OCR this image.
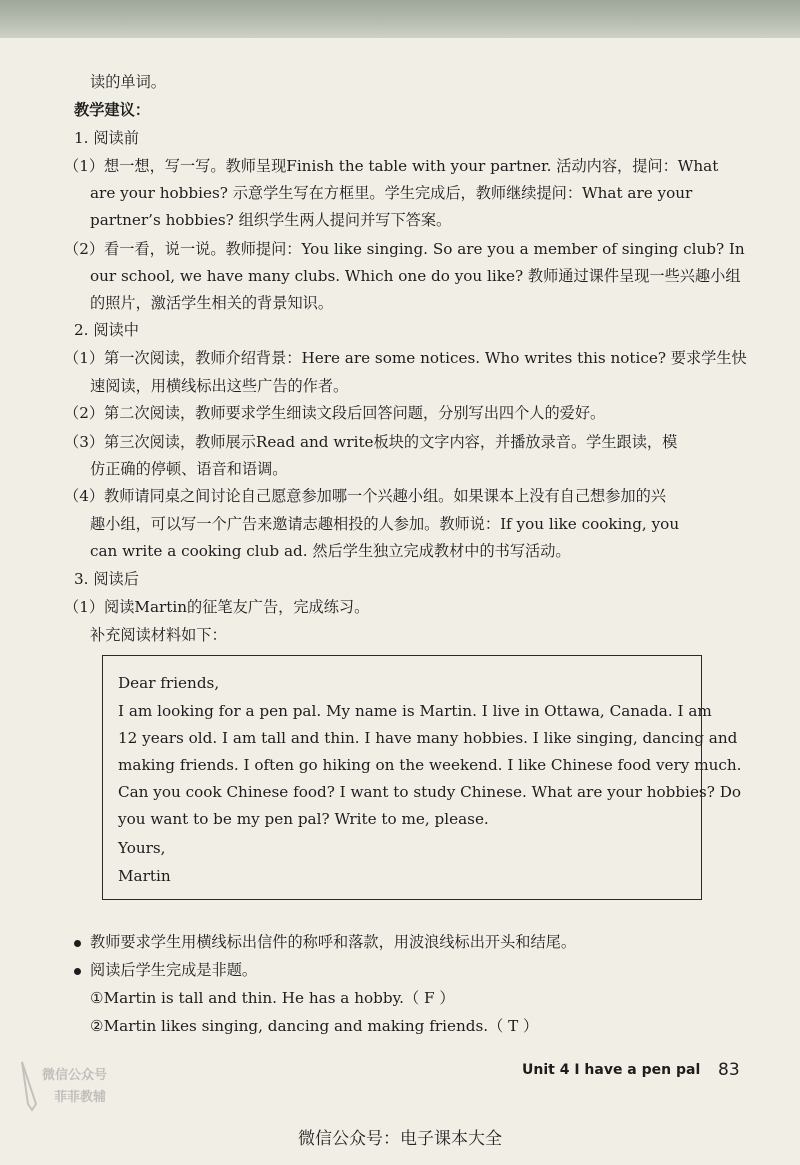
读的单词。
教学建议：
1. 阅读前
（1）想一想，写一写。教师呈现Finish the table with your partner. 活动内容，提问：What
are your hobbies? 示意学生写在方框里。学生完成后，教师继续提问：What are your
partner’s hobbies? 组织学生两人提问并写下答案。
（2）看一看，说一说。教师提问：You like singing. So are you a member of singing club? In
our school, we have many clubs. Which one do you like? 教师通过课件呈现一些兴趣小组
的照片，激活学生相关的背景知识。
2. 阅读中
（1）第一次阅读，教师介绍背景：Here are some notices. Who writes this notice? 要求学生快
速阅读，用横线标出这些广告的作者。
（2）第二次阅读，教师要求学生细读文段后回答问题，分别写出四个人的爱好。
（3）第三次阅读，教师展示Read and write板块的文字内容，并播放录音。学生跟读，模
仿正确的停顿、语音和语调。
（4）教师请同桌之间讨论自己愿意参加哪一个兴趣小组。如果课本上没有自己想参加的兴
趣小组，可以写一个广告来邀请志趣相投的人参加。教师说：If you like cooking, you
can write a cooking club ad. 然后学生独立完成教材中的书写活动。
3. 阅读后
（1）阅读Martin的征笔友广告，完成练习。
补充阅读材料如下：
Dear friends,
I am looking for a pen pal. My name is Martin. I live in Ottawa, Canada. I am
12 years old. I am tall and thin. I have many hobbies. I like singing, dancing and
making friends. I often go hiking on the weekend. I like Chinese food very much.
Can you cook Chinese food? I want to study Chinese. What are your hobbies? Do
you want to be my pen pal? Write to me, please.
Yours,
Martin
教师要求学生用横线标出信件的称呼和落款，用波浪线标出开头和结尾。
阅读后学生完成是非题。
①Martin is tall and thin. He has a hobby.（ F ）
②Martin likes singing, dancing and making friends.（ T ）
微信公众号
菲菲教辅
Unit 4 I have a pen pal 83
微信公众号：电子课本大全
